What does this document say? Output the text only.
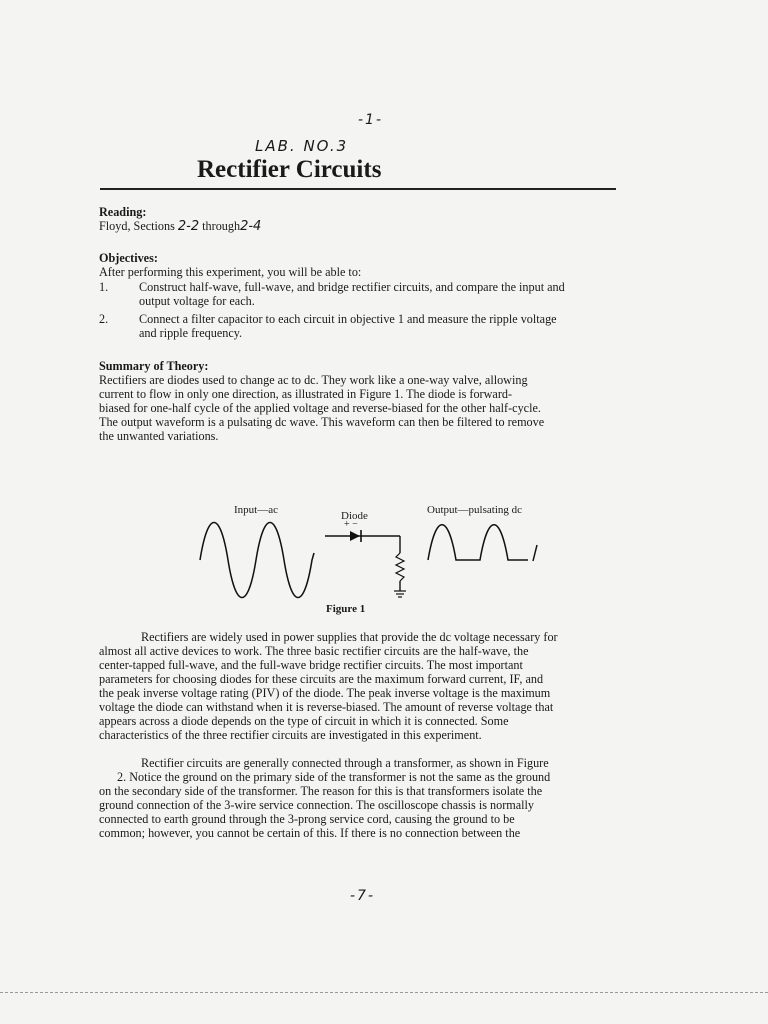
-1-
LAB. NO.3
Rectifier Circuits
Reading:
Floyd, Sections 2-2 through2-4
Objectives:
After performing this experiment, you will be able to:
1.	Construct half-wave, full-wave, and bridge rectifier circuits, and compare the input and
output voltage for each.
2.	Connect a filter capacitor to each circuit in objective 1 and measure the ripple voltage
and ripple frequency.
Summary of Theory:
Rectifiers are diodes used to change ac to dc. They work like a one-way valve, allowing
current to flow in only one direction, as illustrated in Figure 1. The diode is forward-
biased for one-half cycle of the applied voltage and reverse-biased for the other half-cycle.
The output waveform is a pulsating dc wave. This waveform can then be filtered to remove
the unwanted variations.
Input—ac	Diode
+ −
Output—pulsating dc
Figure 1
Rectifiers are widely used in power supplies that provide the dc voltage necessary for
almost all active devices to work. The three basic rectifier circuits are the half-wave, the
center-tapped full-wave, and the full-wave bridge rectifier circuits. The most important
parameters for choosing diodes for these circuits are the maximum forward current, IF, and
the peak inverse voltage rating (PIV) of the diode. The peak inverse voltage is the maximum
voltage the diode can withstand when it is reverse-biased. The amount of reverse voltage that
appears across a diode depends on the type of circuit in which it is connected. Some
characteristics of the three rectifier circuits are investigated in this experiment.
Rectifier circuits are generally connected through a transformer, as shown in Figure
2. Notice the ground on the primary side of the transformer is not the same as the ground
on the secondary side of the transformer. The reason for this is that transformers isolate the
ground connection of the 3-wire service connection. The oscilloscope chassis is normally
connected to earth ground through the 3-prong service cord, causing the ground to be
common; however, you cannot be certain of this. If there is no connection between the
-7-
